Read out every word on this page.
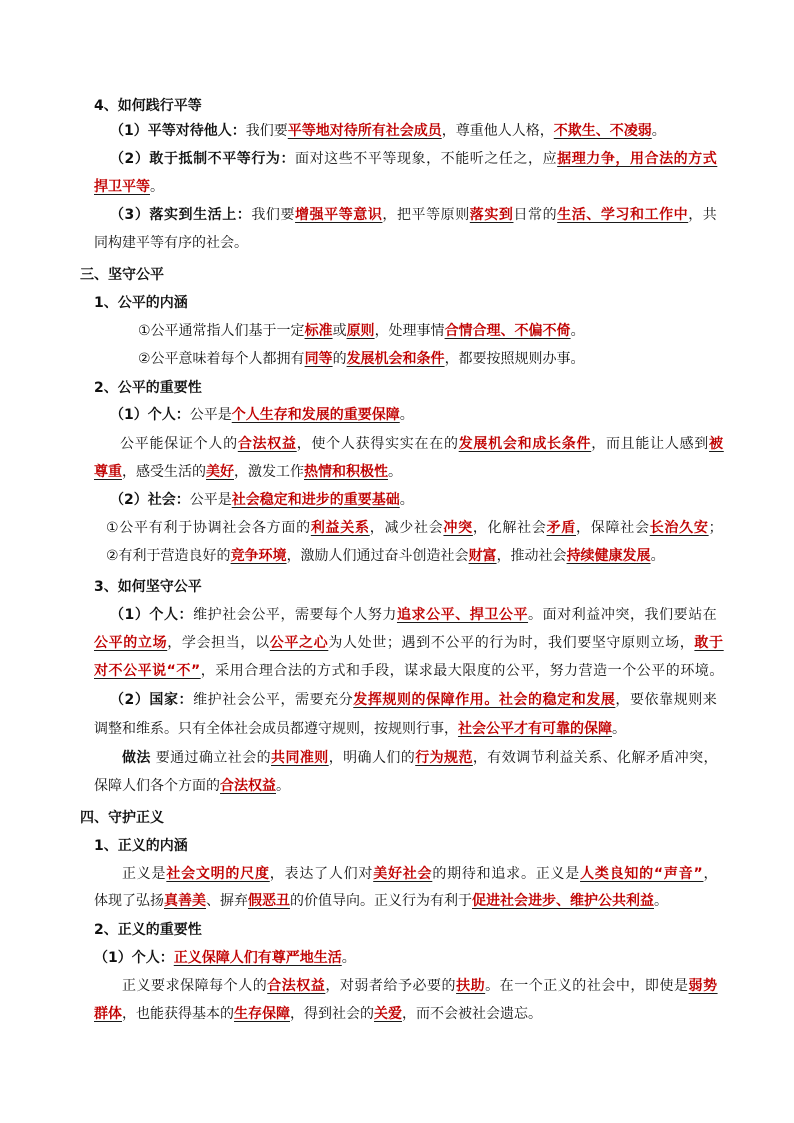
4、如何践行平等
（1）平等对待他人：我们要平等地对待所有社会成员，尊重他人人格，不欺生、不凌弱。
（2）敢于抵制不平等行为：面对这些不平等现象，不能听之任之，应据理力争，用合法的方式
捍卫平等。
（3）落实到生活上：我们要增强平等意识，把平等原则落实到日常的生活、学习和工作中，共
同构建平等有序的社会。
三、坚守公平
1、公平的内涵
①公平通常指人们基于一定标准或原则，处理事情合情合理、不偏不倚。
②公平意味着每个人都拥有同等的发展机会和条件，都要按照规则办事。
2、公平的重要性
（1）个人：公平是个人生存和发展的重要保障。
公平能保证个人的合法权益，使个人获得实实在在的发展机会和成长条件，而且能让人感到被
尊重，感受生活的美好，激发工作热情和积极性。
（2）社会：公平是社会稳定和进步的重要基础。
①公平有利于协调社会各方面的利益关系，减少社会冲突，化解社会矛盾，保障社会长治久安；
②有利于营造良好的竞争环境，激励人们通过奋斗创造社会财富，推动社会持续健康发展。
3、如何坚守公平
（1）个人：维护社会公平，需要每个人努力追求公平、捍卫公平。面对利益冲突，我们要站在
公平的立场，学会担当，以公平之心为人处世；遇到不公平的行为时，我们要坚守原则立场，敢于
对不公平说“不”，采用合理合法的方式和手段，谋求最大限度的公平，努力营造一个公平的环境。
（2）国家：维护社会公平，需要充分发挥规则的保障作用。社会的稳定和发展，要依靠规则来
调整和维系。只有全体社会成员都遵守规则，按规则行事，社会公平才有可靠的保障。
做法 要通过确立社会的共同准则，明确人们的行为规范，有效调节利益关系、化解矛盾冲突，
保障人们各个方面的合法权益。
四、守护正义
1、正义的内涵
正义是社会文明的尺度，表达了人们对美好社会的期待和追求。正义是人类良知的“声音”，
体现了弘扬真善美、摒弃假恶丑的价值导向。正义行为有利于促进社会进步、维护公共利益。
2、正义的重要性
（1）个人：正义保障人们有尊严地生活。
正义要求保障每个人的合法权益，对弱者给予必要的扶助。在一个正义的社会中，即使是弱势
群体，也能获得基本的生存保障，得到社会的关爱，而不会被社会遗忘。
